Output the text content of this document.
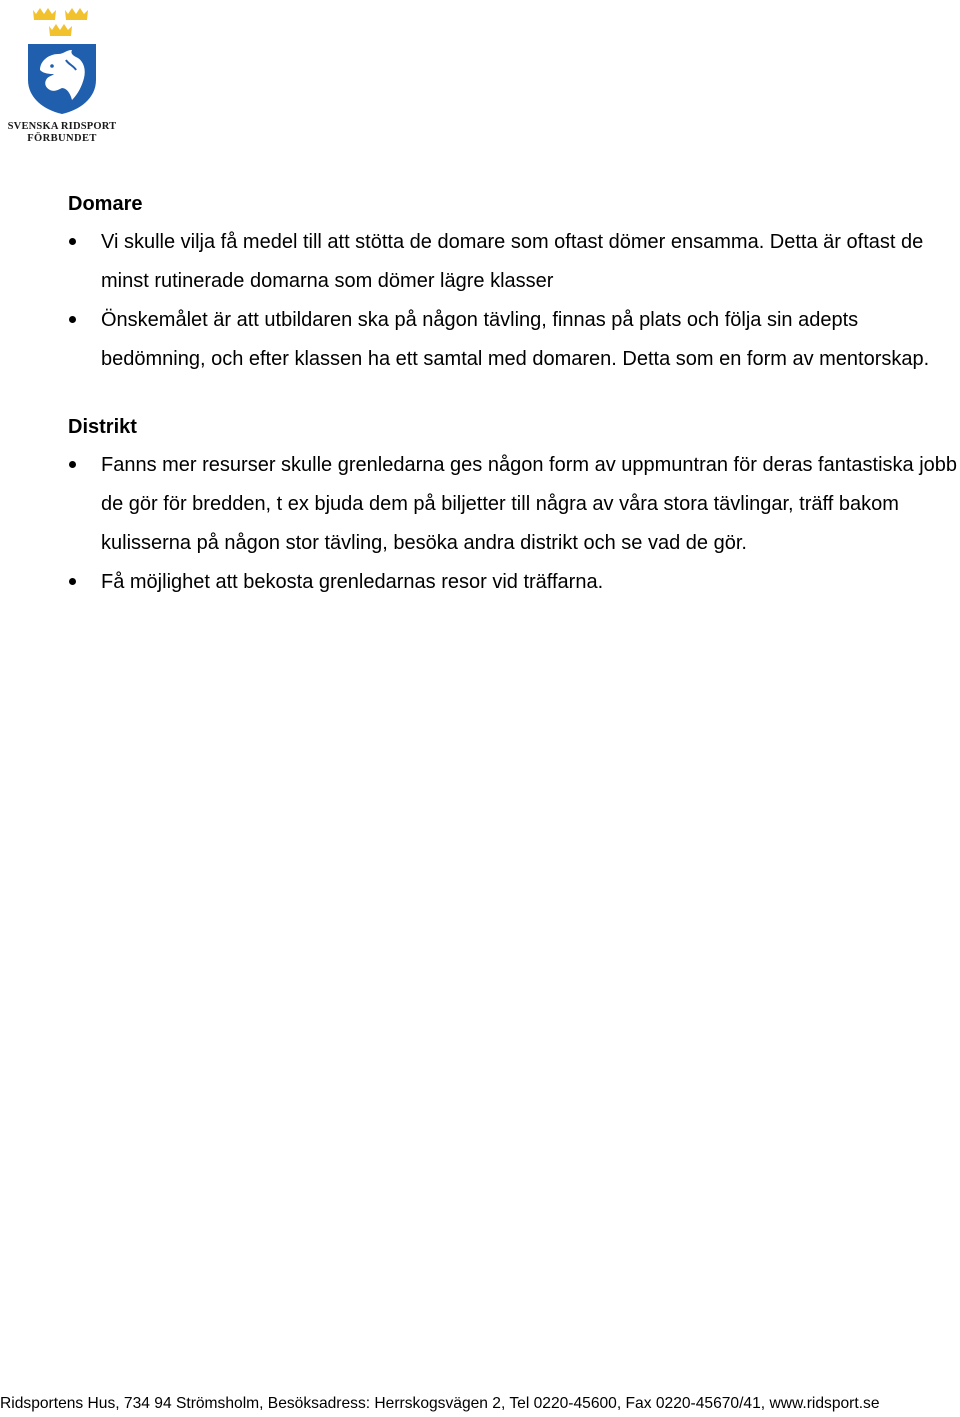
SVENSKA RIDSPORT
FÖRBUNDET
Domare
Vi skulle vilja få medel till att stötta de domare som oftast dömer ensamma. Detta är oftast de minst rutinerade domarna som dömer lägre klasser
Önskemålet är att utbildaren ska på någon tävling, finnas på plats och följa sin adepts bedömning, och efter klassen ha ett samtal med domaren. Detta som en form av mentorskap.
Distrikt
Fanns mer resurser skulle grenledarna ges någon form av uppmuntran för deras fantastiska jobb de gör för bredden, t ex bjuda dem på biljetter till några av våra stora tävlingar, träff bakom kulisserna på någon stor tävling, besöka andra distrikt och se vad de gör.
Få möjlighet att bekosta grenledarnas resor vid träffarna.
Ridsportens Hus, 734 94 Strömsholm, Besöksadress: Herrskogsvägen 2, Tel 0220-45600, Fax 0220-45670/41, www.ridsport.se
